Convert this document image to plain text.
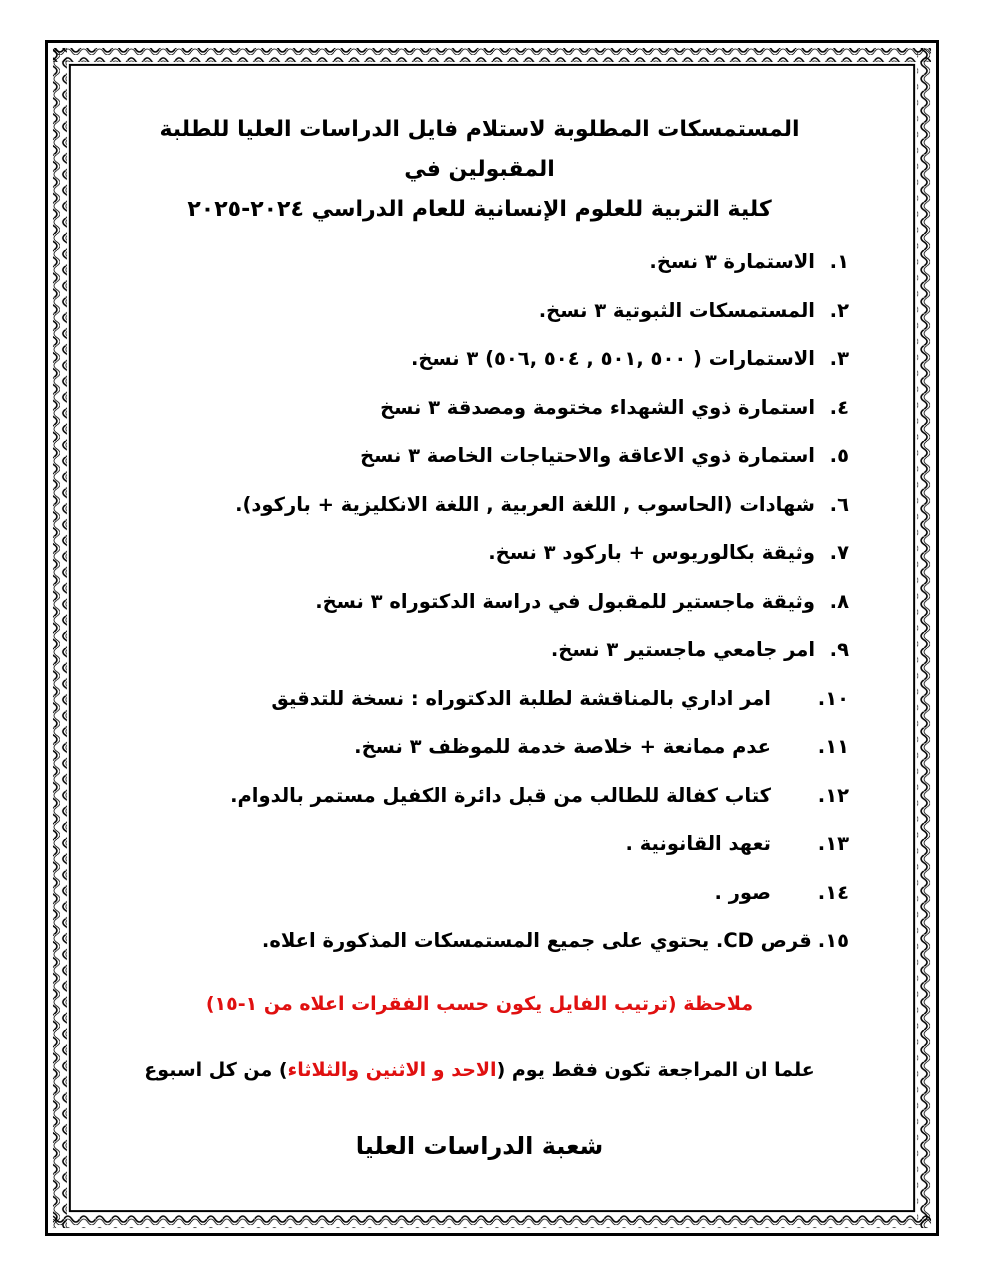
المستمسكات المطلوبة لاستلام فايل الدراسات العليا للطلبة المقبولين في
كلية التربية للعلوم الإنسانية للعام الدراسي ٢٠٢٤-٢٠٢٥
١.
الاستمارة ٣ نسخ.
٢.
المستمسكات الثبوتية ٣ نسخ.
٣.
الاستمارات ( ٥٠٠ ,٥٠١ , ٥٠٤ ,٥٠٦) ٣ نسخ.
٤.
استمارة ذوي الشهداء مختومة ومصدقة ٣ نسخ
٥.
استمارة ذوي الاعاقة والاحتياجات الخاصة ٣ نسخ
٦.
شهادات (الحاسوب , اللغة العربية , اللغة الانكليزية + باركود).
٧.
وثيقة بكالوريوس + باركود ٣ نسخ.
٨.
وثيقة ماجستير للمقبول في دراسة الدكتوراه ٣ نسخ.
٩.
امر جامعي ماجستير ٣ نسخ.
١٠.
امر اداري بالمناقشة لطلبة الدكتوراه : نسخة للتدقيق
١١.
عدم ممانعة + خلاصة خدمة للموظف ٣ نسخ.
١٢.
كتاب كفالة للطالب من قبل دائرة الكفيل مستمر بالدوام.
١٣.
تعهد القانونية .
١٤.
صور .
١٥.
قرص CD. يحتوي على جميع المستمسكات المذكورة اعلاه.
ملاحظة (ترتيب الفايل يكون حسب الفقرات اعلاه من ١-١٥)
علما ان المراجعة تكون فقط يوم (الاحد و الاثنين والثلاثاء) من كل اسبوع
شعبة الدراسات العليا
